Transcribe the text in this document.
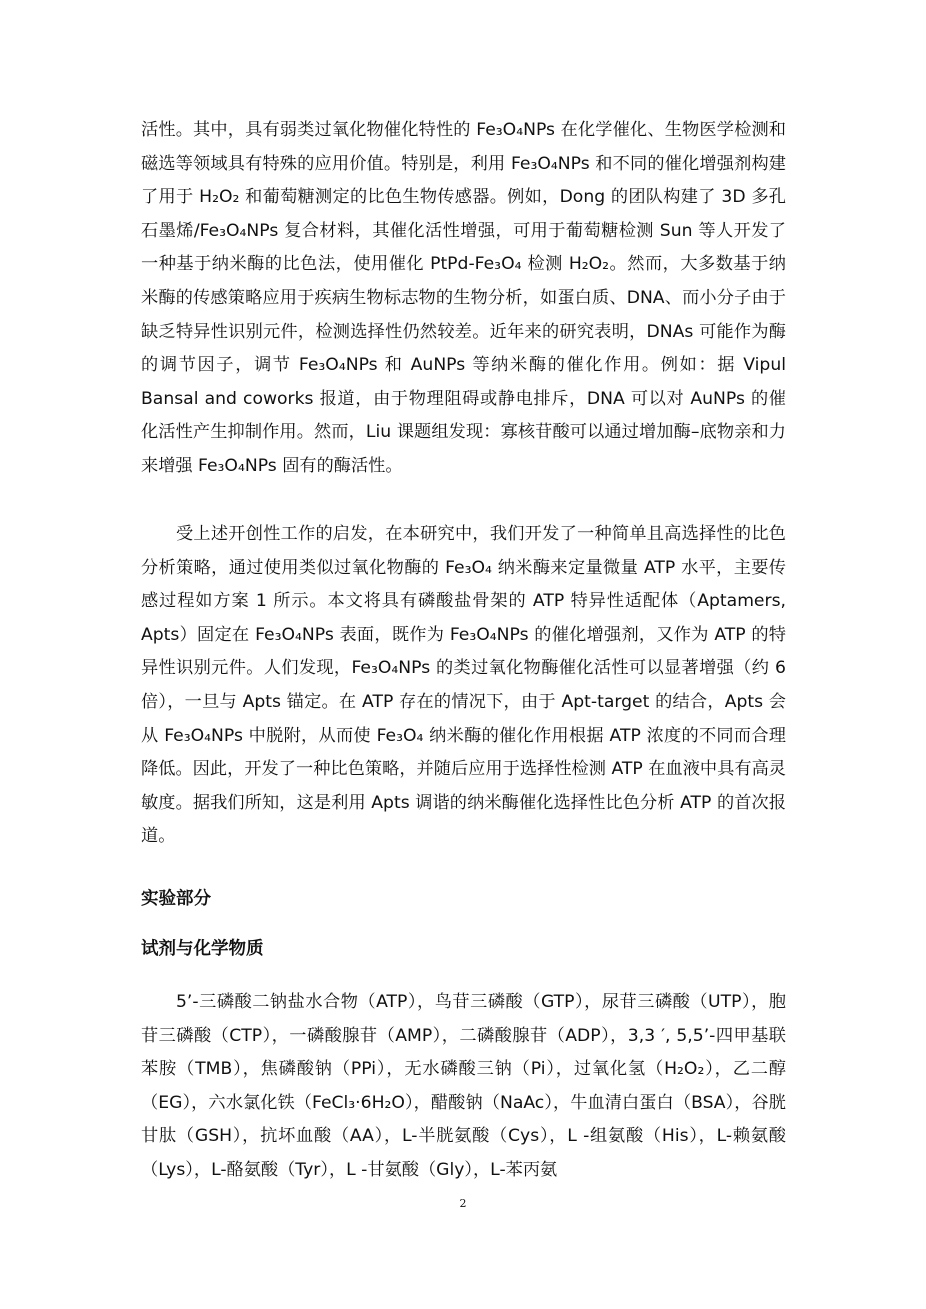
活性。其中，具有弱类过氧化物催化特性的 Fe₃O₄NPs 在化学催化、生物医学检测和磁选等领域具有特殊的应用价值。特别是，利用 Fe₃O₄NPs 和不同的催化增强剂构建了用于 H₂O₂ 和葡萄糖测定的比色生物传感器。例如，Dong 的团队构建了 3D 多孔石墨烯/Fe₃O₄NPs 复合材料，其催化活性增强，可用于葡萄糖检测 Sun 等人开发了一种基于纳米酶的比色法，使用催化 PtPd-Fe₃O₄ 检测 H₂O₂。然而，大多数基于纳米酶的传感策略应用于疾病生物标志物的生物分析，如蛋白质、DNA、而小分子由于缺乏特异性识别元件，检测选择性仍然较差。近年来的研究表明，DNAs 可能作为酶的调节因子，调节 Fe₃O₄NPs 和 AuNPs 等纳米酶的催化作用。例如：据 Vipul Bansal and coworks 报道，由于物理阻碍或静电排斥，DNA 可以对 AuNPs 的催化活性产生抑制作用。然而，Liu 课题组发现：寡核苷酸可以通过增加酶–底物亲和力来增强 Fe₃O₄NPs 固有的酶活性。

受上述开创性工作的启发，在本研究中，我们开发了一种简单且高选择性的比色分析策略，通过使用类似过氧化物酶的 Fe₃O₄ 纳米酶来定量微量 ATP 水平，主要传感过程如方案 1 所示。本文将具有磷酸盐骨架的 ATP 特异性适配体（Aptamers, Apts）固定在 Fe₃O₄NPs 表面，既作为 Fe₃O₄NPs 的催化增强剂，又作为 ATP 的特异性识别元件。人们发现，Fe₃O₄NPs 的类过氧化物酶催化活性可以显著增强（约 6 倍），一旦与 Apts 锚定。在 ATP 存在的情况下，由于 Apt-target 的结合，Apts 会从 Fe₃O₄NPs 中脱附，从而使 Fe₃O₄ 纳米酶的催化作用根据 ATP 浓度的不同而合理降低。因此，开发了一种比色策略，并随后应用于选择性检测 ATP 在血液中具有高灵敏度。据我们所知，这是利用 Apts 调谐的纳米酶催化选择性比色分析 ATP 的首次报道。

实验部分
试剂与化学物质

5’-三磷酸二钠盐水合物（ATP），鸟苷三磷酸（GTP），尿苷三磷酸（UTP），胞苷三磷酸（CTP），一磷酸腺苷（AMP），二磷酸腺苷（ADP），3,3 ′, 5,5’-四甲基联苯胺（TMB），焦磷酸钠（PPi），无水磷酸三钠（Pi），过氧化氢（H₂O₂），乙二醇（EG），六水氯化铁（FeCl₃·6H₂O），醋酸钠（NaAc），牛血清白蛋白（BSA），谷胱甘肽（GSH），抗坏血酸（AA），L-半胱氨酸（Cys），L -组氨酸（His），L-赖氨酸（Lys），L-酪氨酸（Tyr），L -甘氨酸（Gly），L-苯丙氨

2
